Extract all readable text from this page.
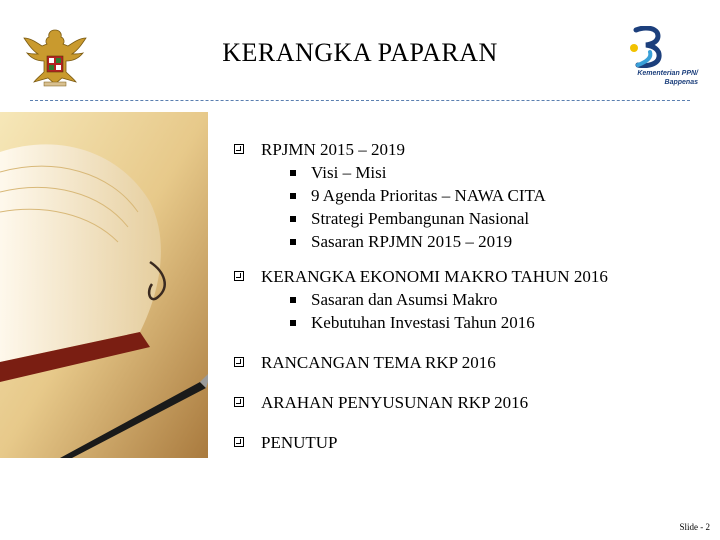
KERANGKA PAPARAN
Kementerian PPN/
Bappenas
RPJMN 2015 – 2019
Visi – Misi
9 Agenda Prioritas – NAWA CITA
Strategi Pembangunan Nasional
Sasaran RPJMN 2015 – 2019
KERANGKA EKONOMI MAKRO TAHUN 2016
Sasaran dan Asumsi Makro
Kebutuhan Investasi Tahun 2016
RANCANGAN TEMA RKP 2016
ARAHAN PENYUSUNAN RKP 2016
PENUTUP
Slide - 2
